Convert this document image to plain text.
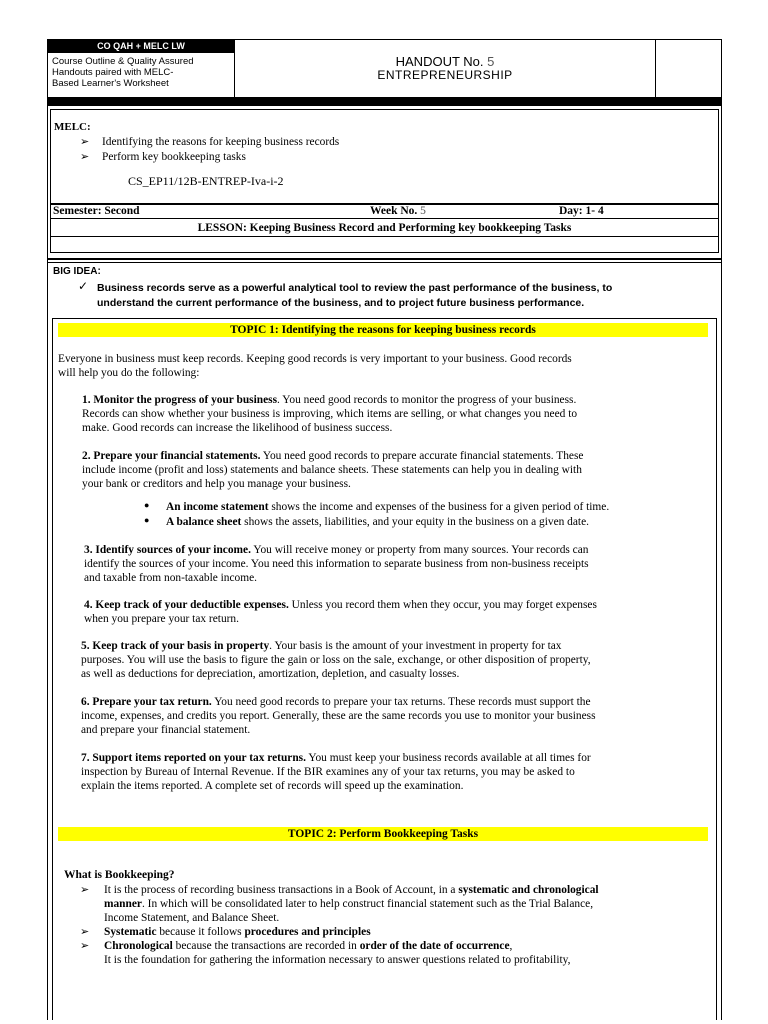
CO QAH + MELC LW
Course Outline & Quality Assured
Handouts paired with MELC-
Based Learner's Worksheet
HANDOUT No. 5
ENTREPRENEURSHIP
MELC:
➢ Identifying the reasons for keeping business records
➢ Perform key bookkeeping tasks
CS_EP11/12B-ENTREP-Iva-i-2
Semester: Second	Week No. 5	Day: 1- 4
LESSON: Keeping Business Record and Performing key bookkeeping Tasks
BIG IDEA:
✓ Business records serve as a powerful analytical tool to review the past performance of the business, to
understand the current performance of the business, and to project future business performance.
TOPIC 1: Identifying the reasons for keeping business records
Everyone in business must keep records. Keeping good records is very important to your business. Good records
will help you do the following:
1. Monitor the progress of your business. You need good records to monitor the progress of your business.
Records can show whether your business is improving, which items are selling, or what changes you need to
make. Good records can increase the likelihood of business success.
2. Prepare your financial statements. You need good records to prepare accurate financial statements. These
include income (profit and loss) statements and balance sheets. These statements can help you in dealing with
your bank or creditors and help you manage your business.
● An income statement shows the income and expenses of the business for a given period of time.
● A balance sheet shows the assets, liabilities, and your equity in the business on a given date.
3. Identify sources of your income. You will receive money or property from many sources. Your records can
identify the sources of your income. You need this information to separate business from non-business receipts
and taxable from non-taxable income.
4. Keep track of your deductible expenses. Unless you record them when they occur, you may forget expenses
when you prepare your tax return.
5. Keep track of your basis in property. Your basis is the amount of your investment in property for tax
purposes. You will use the basis to figure the gain or loss on the sale, exchange, or other disposition of property,
as well as deductions for depreciation, amortization, depletion, and casualty losses.
6. Prepare your tax return. You need good records to prepare your tax returns. These records must support the
income, expenses, and credits you report. Generally, these are the same records you use to monitor your business
and prepare your financial statement.
7. Support items reported on your tax returns. You must keep your business records available at all times for
inspection by Bureau of Internal Revenue. If the BIR examines any of your tax returns, you may be asked to
explain the items reported. A complete set of records will speed up the examination.
TOPIC 2: Perform Bookkeeping Tasks
What is Bookkeeping?
➢ It is the process of recording business transactions in a Book of Account, in a systematic and chronological
manner. In which will be consolidated later to help construct financial statement such as the Trial Balance,
Income Statement, and Balance Sheet.
➢ Systematic because it follows procedures and principles
➢ Chronological because the transactions are recorded in order of the date of occurrence,
It is the foundation for gathering the information necessary to answer questions related to profitability,
